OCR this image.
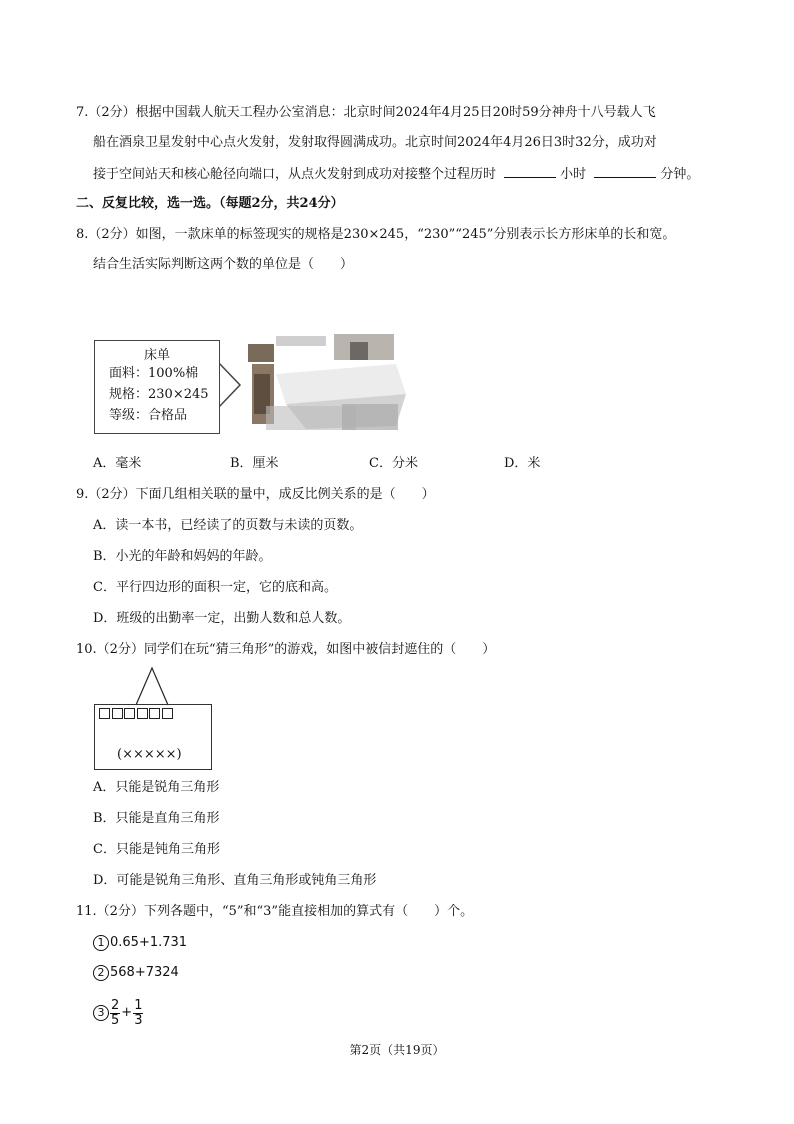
7.（2分）根据中国载人航天工程办公室消息：北京时间2024年4月25日20时59分神舟十八号载人飞
船在酒泉卫星发射中心点火发射，发射取得圆满成功。北京时间2024年4月26日3时32分，成功对
接于空间站天和核心舱径向端口，从点火发射到成功对接整个过程历时	小时	分钟。
二、反复比较，选一选。（每题2分，共24分）
8.（2分）如图，一款床单的标签现实的规格是230×245，“230”“245”分别表示长方形床单的长和宽。
结合生活实际判断这两个数的单位是（　　）
床单
面料：100%棉
规格：230×245
等级：合格品
A．毫米	B．厘米	C．分米	D．米
9.（2分）下面几组相关联的量中，成反比例关系的是（　　）
A．读一本书，已经读了的页数与未读的页数。
B．小光的年龄和妈妈的年龄。
C．平行四边形的面积一定，它的底和高。
D．班级的出勤率一定，出勤人数和总人数。
10.（2分）同学们在玩“猜三角形”的游戏，如图中被信封遮住的（　　）
(×××××)
A．只能是锐角三角形
B．只能是直角三角形
C．只能是钝角三角形
D．可能是锐角三角形、直角三角形或钝角三角形
11.（2分）下列各题中，“5”和“3”能直接相加的算式有（　　）个。
1 0.65+1.731
2 568+7324
$3 \frac{2}{5} + \frac{1}{3}$
第2页（共19页）
